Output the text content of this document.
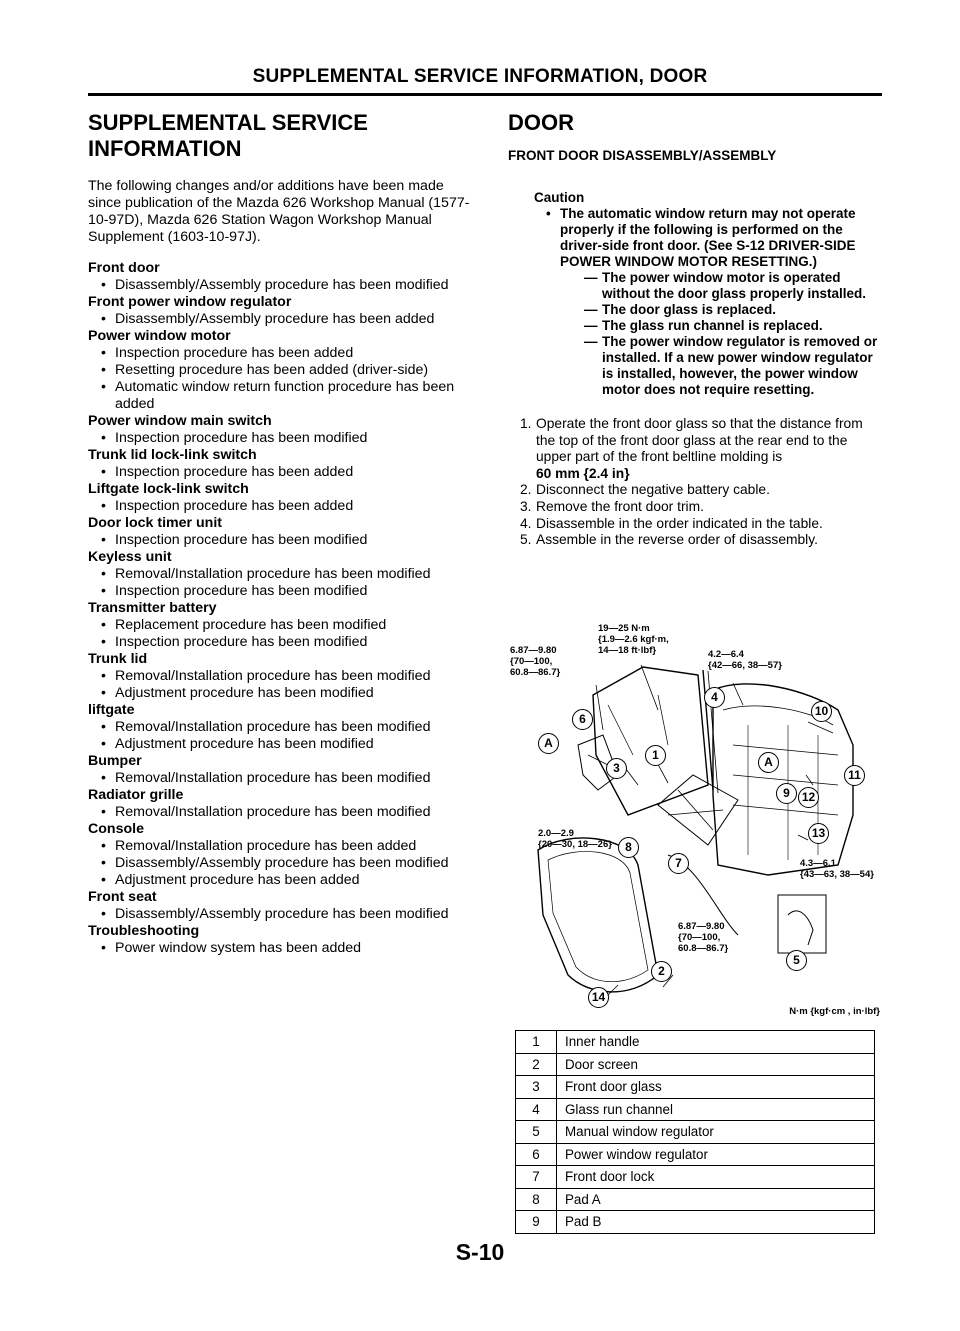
SUPPLEMENTAL SERVICE INFORMATION, DOOR
SUPPLEMENTAL SERVICE
INFORMATION
The following changes and/or additions have been made since publication of the Mazda 626 Workshop Manual (1577-10-97D), Mazda 626 Station Wagon Workshop Manual Supplement (1603-10-97J).
Front door
• Disassembly/Assembly procedure has been modified
Front power window regulator
• Disassembly/Assembly procedure has been added
Power window motor
• Inspection procedure has been added
• Resetting procedure has been added (driver-side)
• Automatic window return function procedure has been added
Power window main switch
• Inspection procedure has been modified
Trunk lid lock-link switch
• Inspection procedure has been added
Liftgate lock-link switch
• Inspection procedure has been added
Door lock timer unit
• Inspection procedure has been modified
Keyless unit
• Removal/Installation procedure has been modified
• Inspection procedure has been modified
Transmitter battery
• Replacement procedure has been modified
• Inspection procedure has been modified
Trunk lid
• Removal/Installation procedure has been modified
• Adjustment procedure has been modified
liftgate
• Removal/Installation procedure has been modified
• Adjustment procedure has been modified
Bumper
• Removal/Installation procedure has been modified
Radiator grille
• Removal/Installation procedure has been modified
Console
• Removal/Installation procedure has been added
• Disassembly/Assembly procedure has been modified
• Adjustment procedure has been added
Front seat
• Disassembly/Assembly procedure has been modified
Troubleshooting
• Power window system has been added
DOOR
FRONT DOOR DISASSEMBLY/ASSEMBLY
Caution
• The automatic window return may not operate properly if the following is performed on the driver-side front door. (See S-12 DRIVER-SIDE POWER WINDOW MOTOR RESETTING.)
— The power window motor is operated without the door glass properly installed.
— The door glass is replaced.
— The glass run channel is replaced.
— The power window regulator is removed or installed. If a new power window regulator is installed, however, the power window motor does not require resetting.
1. Operate the front door glass so that the distance from the top of the front door glass at the rear end to the upper part of the front beltline molding is
60 mm {2.4 in}
2. Disconnect the negative battery cable.
3. Remove the front door trim.
4. Disassemble in the order indicated in the table.
5. Assemble in the reverse order of disassembly.
19—25 N·m
{1.9—2.6 kgf·m,
14—18 ft·lbf}
6.87—9.80
{70—100,
60.8—86.7}
4.2—6.4
{42—66, 38—57}
2.0—2.9
{20—30, 18—26}
4.3—6.1
{43—63, 38—54}
6.87—9.80
{70—100,
60.8—86.7}
4
6
A
3
1	A
10
11
9 12
13
8
7
5
2
14
N·m {kgf·cm , in·lbf}
1	Inner handle
2	Door screen
3	Front door glass
4	Glass run channel
5	Manual window regulator
6	Power window regulator
7	Front door lock
8	Pad A
9	Pad B
S-10
